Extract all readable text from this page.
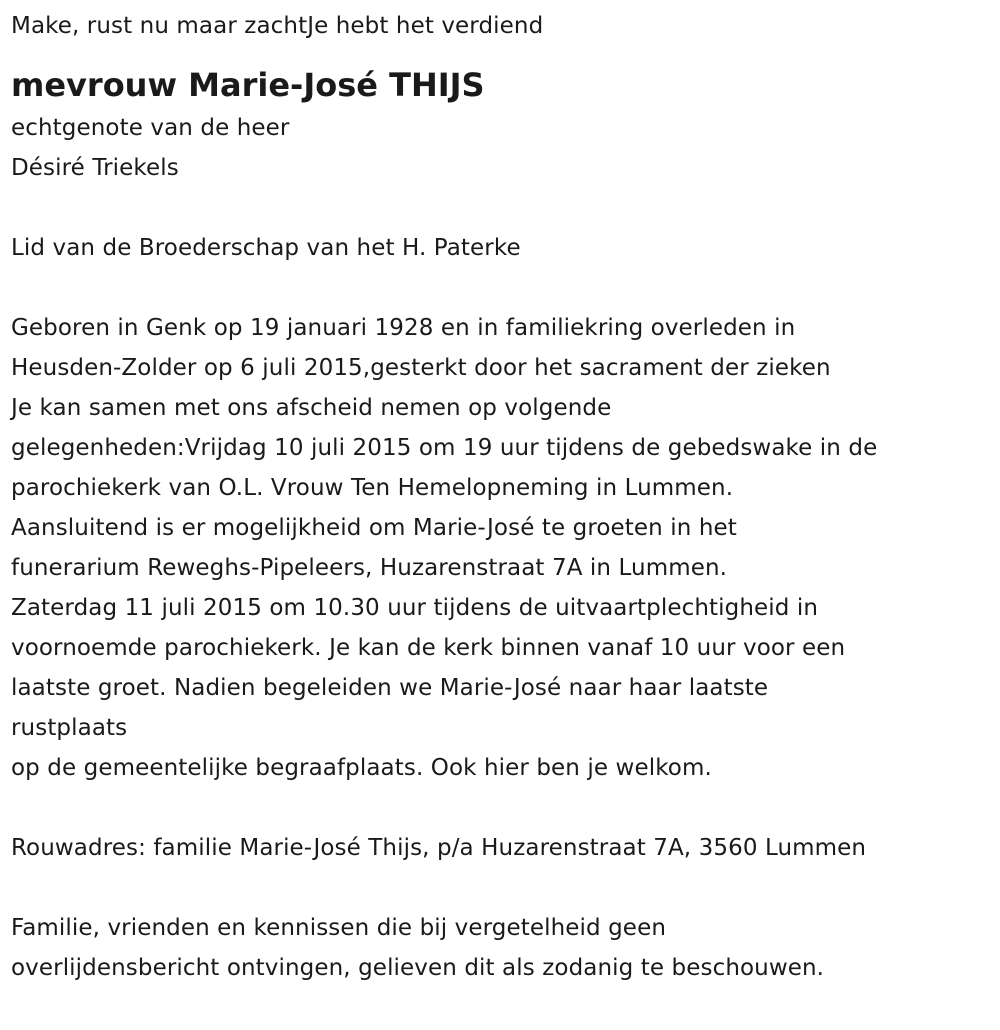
Make, rust nu maar zachtJe hebt het verdiend
mevrouw Marie-José THIJS
echtgenote van de heer
Désiré Triekels
Lid van de Broederschap van het H. Paterke
Geboren in Genk op 19 januari 1928 en in familiekring overleden in
Heusden-Zolder op 6 juli 2015,gesterkt door het sacrament der zieken
Je kan samen met ons afscheid nemen op volgende
gelegenheden:Vrijdag 10 juli 2015 om 19 uur tijdens de gebedswake in de
parochiekerk van O.L. Vrouw Ten Hemelopneming in Lummen.
Aansluitend is er mogelijkheid om Marie-José te groeten in het
funerarium Reweghs-Pipeleers, Huzarenstraat 7A in Lummen.
Zaterdag 11 juli 2015 om 10.30 uur tijdens de uitvaartplechtigheid in
voornoemde parochiekerk. Je kan de kerk binnen vanaf 10 uur voor een
laatste groet. Nadien begeleiden we Marie-José naar haar laatste
rustplaats
op de gemeentelijke begraafplaats. Ook hier ben je welkom.
Rouwadres: familie Marie-José Thijs, p/a Huzarenstraat 7A, 3560 Lummen
Familie, vrienden en kennissen die bij vergetelheid geen
overlijdensbericht ontvingen, gelieven dit als zodanig te beschouwen.
